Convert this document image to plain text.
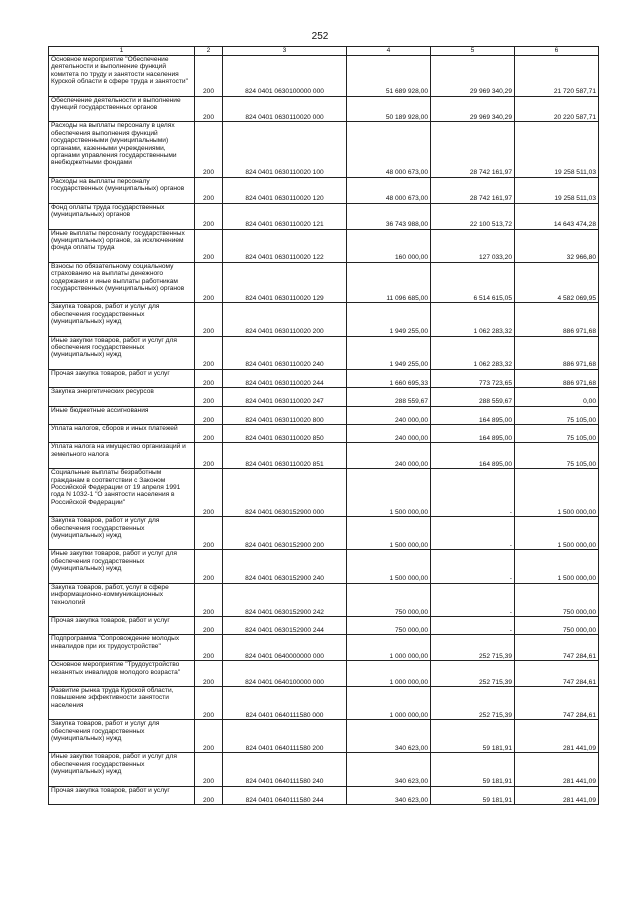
252
1	2	3	4	5	6

Основное мероприятие "Обеспечение деятельности и выполнение функций комитета по труду и занятости населения Курской области в сфере труда и занятости"	200	824 0401 0630100000 000	51 689 928,00	29 969 340,29	21 720 587,71

Обеспечение деятельности и выполнение функций государственных органов	200	824 0401 0630110020 000	50 189 928,00	29 969 340,29	20 220 587,71

Расходы на выплаты персоналу в целях обеспечения выполнения функций государственными (муниципальными) органами, казенными учреждениями, органами управления государственными внебюджетными фондами	200	824 0401 0630110020 100	48 000 673,00	28 742 161,97	19 258 511,03

Расходы на выплаты персоналу государственных (муниципальных) органов	200	824 0401 0630110020 120	48 000 673,00	28 742 161,97	19 258 511,03

Фонд оплаты труда государственных (муниципальных) органов	200	824 0401 0630110020 121	36 743 988,00	22 100 513,72	14 643 474,28

Иные выплаты персоналу государственных (муниципальных) органов, за исключением фонда оплаты труда	200	824 0401 0630110020 122	160 000,00	127 033,20	32 966,80

Взносы по обязательному социальному страхованию на выплаты денежного содержания и иные выплаты работникам государственных (муниципальных) органов	200	824 0401 0630110020 129	11 096 685,00	6 514 615,05	4 582 069,95

Закупка товаров, работ и услуг для обеспечения государственных (муниципальных) нужд	200	824 0401 0630110020 200	1 949 255,00	1 062 283,32	886 971,68

Иные закупки товаров, работ и услуг для обеспечения государственных (муниципальных) нужд	200	824 0401 0630110020 240	1 949 255,00	1 062 283,32	886 971,68

Прочая закупка товаров, работ и услуг	200	824 0401 0630110020 244	1 660 695,33	773 723,65	886 971,68

Закупка энергетических ресурсов	200	824 0401 0630110020 247	288 559,67	288 559,67	0,00

Иные бюджетные ассигнования	200	824 0401 0630110020 800	240 000,00	164 895,00	75 105,00

Уплата налогов, сборов и иных платежей	200	824 0401 0630110020 850	240 000,00	164 895,00	75 105,00

Уплата налога на имущество организаций и земельного налога	200	824 0401 0630110020 851	240 000,00	164 895,00	75 105,00

Социальные выплаты безработным гражданам в соответствии с Законом Российской Федерации от 19 апреля 1991 года N 1032-1 "О занятости населения в Российской Федерации"	200	824 0401 0630152900 000	1 500 000,00	-	1 500 000,00

Закупка товаров, работ и услуг для обеспечения государственных (муниципальных) нужд	200	824 0401 0630152900 200	1 500 000,00	-	1 500 000,00

Иные закупки товаров, работ и услуг для обеспечения государственных (муниципальных) нужд	200	824 0401 0630152900 240	1 500 000,00	-	1 500 000,00

Закупка товаров, работ, услуг в сфере информационно-коммуникационных технологий	200	824 0401 0630152900 242	750 000,00	-	750 000,00

Прочая закупка товаров, работ и услуг	200	824 0401 0630152900 244	750 000,00	-	750 000,00

Подпрограмма "Сопровождение молодых инвалидов при их трудоустройстве"	200	824 0401 0640000000 000	1 000 000,00	252 715,39	747 284,61

Основное мероприятие "Трудоустройство незанятых инвалидов молодого возраста"	200	824 0401 0640100000 000	1 000 000,00	252 715,39	747 284,61

Развитие рынка труда Курской области, повышение эффективности занятости населения	200	824 0401 0640111580 000	1 000 000,00	252 715,39	747 284,61

Закупка товаров, работ и услуг для обеспечения государственных (муниципальных) нужд	200	824 0401 0640111580 200	340 623,00	59 181,91	281 441,09

Иные закупки товаров, работ и услуг для обеспечения государственных (муниципальных) нужд	200	824 0401 0640111580 240	340 623,00	59 181,91	281 441,09

Прочая закупка товаров, работ и услуг	200	824 0401 0640111580 244	340 623,00	59 181,91	281 441,09
